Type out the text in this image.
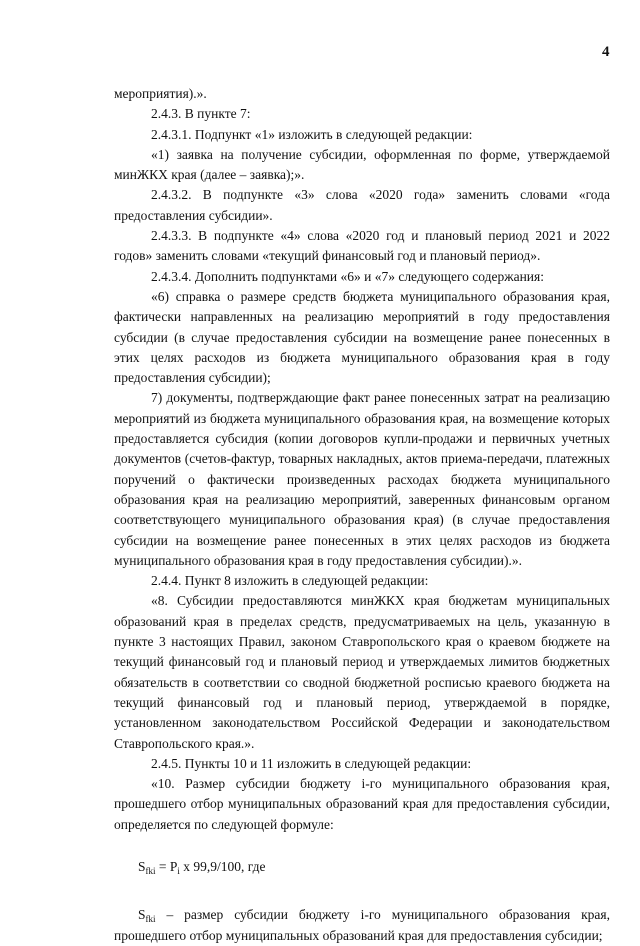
4

мероприятия).».

2.4.3. В пункте 7:

2.4.3.1. Подпункт «1» изложить в следующей редакции:

«1) заявка на получение субсидии, оформленная по форме, утверждаемой минЖКХ края (далее – заявка);».

2.4.3.2. В подпункте «3» слова «2020 года» заменить словами «года предоставления субсидии».

2.4.3.3. В подпункте «4» слова «2020 год и плановый период 2021 и 2022 годов» заменить словами «текущий финансовый год и плановый период».

2.4.3.4. Дополнить подпунктами «6» и «7» следующего содержания:

«6) справка о размере средств бюджета муниципального образования края, фактически направленных на реализацию мероприятий в году предоставления субсидии (в случае предоставления субсидии на возмещение ранее понесенных в этих целях расходов из бюджета муниципального образования края в году предоставления субсидии);

7) документы, подтверждающие факт ранее понесенных затрат на реализацию мероприятий из бюджета муниципального образования края, на возмещение которых предоставляется субсидия (копии договоров купли-продажи и первичных учетных документов (счетов-фактур, товарных накладных, актов приема-передачи, платежных поручений о фактически произведенных расходах бюджета муниципального образования края на реализацию мероприятий, заверенных финансовым органом соответствующего муниципального образования края) (в случае предоставления субсидии на возмещение ранее понесенных в этих целях расходов из бюджета муниципального образования края в году предоставления субсидии).».

2.4.4. Пункт 8 изложить в следующей редакции:

«8. Субсидии предоставляются минЖКХ края бюджетам муниципальных образований края в пределах средств, предусматриваемых на цель, указанную в пункте 3 настоящих Правил, законом Ставропольского края о краевом бюджете на текущий финансовый год и плановый период и утверждаемых лимитов бюджетных обязательств в соответствии со сводной бюджетной росписью краевого бюджета на текущий финансовый год и плановый период, утверждаемой в порядке, установленном законодательством Российской Федерации и законодательством Ставропольского края.».

2.4.5. Пункты 10 и 11 изложить в следующей редакции:

«10. Размер субсидии бюджету i-го муниципального образования края, прошедшего отбор муниципальных образований края для предоставления субсидии, определяется по следующей формуле:

$S_{fki} = P_i$ x 99,9/100, где

$S_{fki}$ – размер субсидии бюджету i-го муниципального образования края, прошедшего отбор муниципальных образований края для предоставления субсидии;
